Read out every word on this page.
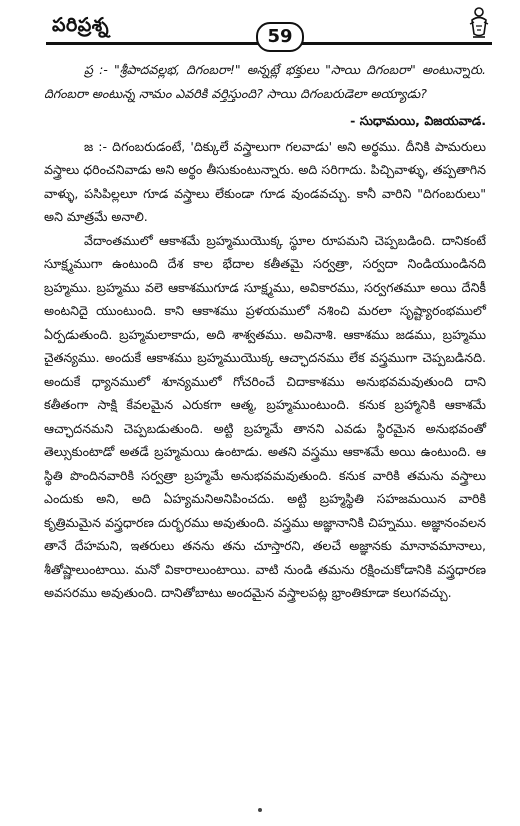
పరిప్రశ్న
59

ప్ర :- "శ్రీపాదవల్లభ, దిగంబరా!" అన్నట్లే భక్తులు "సాయి దిగంబరా" అంటున్నారు. దిగంబరా అంటున్న నామం ఎవరికి వర్తిస్తుంది? సాయి దిగంబరుడెలా అయ్యాడు?

- సుధామయి, విజయవాడ.

జ :- దిగంబరుడంటే, 'దిక్కులే వస్త్రాలుగా గలవాడు' అని అర్థము. దీనికి పామరులు వస్త్రాలు ధరించనివాడు అని అర్థం తీసుకుంటున్నారు. అది సరిగాదు. పిచ్చివాళ్ళు, తప్పతాగిన వాళ్ళు, పసిపిల్లలూ గూడ వస్త్రాలు లేకుండా గూడ వుండవచ్చు. కానీ వారిని "దిగంబరులు" అని మాత్రమే అనాలి.

వేదాంతములో ఆకాశమే బ్రహ్మముయొక్క స్థూల రూపమని చెప్పబడింది. దానికంటే సూక్ష్మముగా ఉంటుంది దేశ కాల భేదాల కతీతమై సర్వత్రా, సర్వదా నిండియుండినది బ్రహ్మము. బ్రహ్మము వలె ఆకాశముగూడ సూక్ష్మము, అవికారము, సర్వగతమూ అయి దేనికీ అంటనిదై యుంటుంది. కాని ఆకాశము ప్రళయములో నశించి మరలా సృష్ట్యారంభములో ఏర్పడుతుంది. బ్రహ్మమలాకాదు, అది శాశ్వతము. అవినాశి. ఆకాశము జడము, బ్రహ్మము చైతన్యము. అందుకే ఆకాశము బ్రహ్మముయొక్క ఆచ్ఛాదనము లేక వస్త్రముగా చెప్పబడినది. అందుకే ధ్యానములో శూన్యములో గోచరించే చిదాకాశము అనుభవమవుతుంది దాని కతీతంగా సాక్షి కేవలమైన ఎరుకగా ఆత్మ, బ్రహ్మముంటుంది. కనుక బ్రహ్మానికి ఆకాశమే ఆచ్ఛాదనమని చెప్పబడుతుంది. అట్టి బ్రహ్మమే తానని ఎవడు స్థిరమైన అనుభవంతో తెల్సుకుంటాడో అతడే బ్రహ్మమయి ఉంటాడు. అతని వస్త్రము ఆకాశమే అయి ఉంటుంది. ఆ స్థితి పొందినవారికి సర్వత్రా బ్రహ్మమే అనుభవమవుతుంది. కనుక వారికి తమను వస్త్రాలు ఎందుకు అని, అది ఏహ్యమనిఅనిపించదు. అట్టి బ్రహ్మస్థితి సహజమయిన వారికి కృత్రిమమైన వస్త్రధారణ దుర్భరము అవుతుంది. వస్త్రము అజ్ఞానానికి చిహ్నము. అజ్ఞానంవలన తానే దేహమని, ఇతరులు తనను తను చూస్తారని, తలచే అజ్ఞానకు మానావమానాలు, శీతోష్ణాలుంటాయి. మనో వికారాలుంటాయి. వాటి నుండి తమను రక్షించుకోడానికి వస్త్రధారణ అవసరము అవుతుంది. దానితోబాటు అందమైన వస్త్రాలపట్ల భ్రాంతికూడా కలుగవచ్చు.
